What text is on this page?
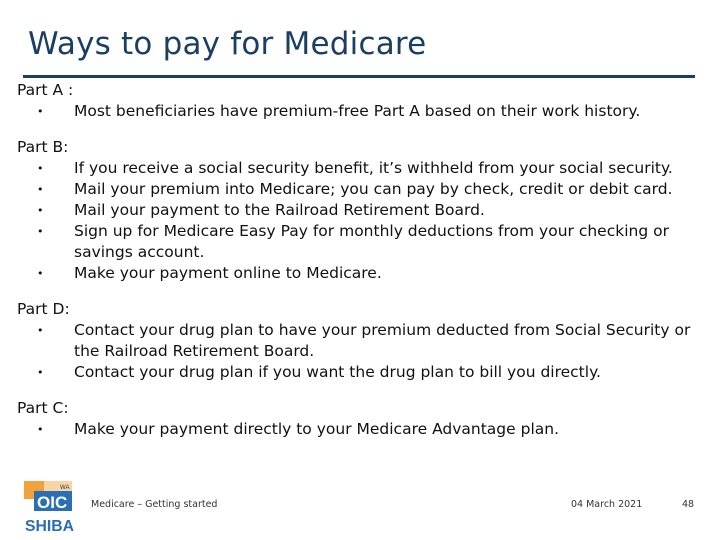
Ways to pay for Medicare
Part A :
• Most beneficiaries have premium-free Part A based on their work history.
Part B:
• If you receive a social security benefit, it’s withheld from your social security.
• Mail your premium into Medicare; you can pay by check, credit or debit card.
• Mail your payment to the Railroad Retirement Board.
• Sign up for Medicare Easy Pay for monthly deductions from your checking or savings account.
• Make your payment online to Medicare.
Part D:
• Contact your drug plan to have your premium deducted from Social Security or the Railroad Retirement Board.
• Contact your drug plan if you want the drug plan to bill you directly.
Part C:
• Make your payment directly to your Medicare Advantage plan.
WA
OIC
SHIBA
Medicare – Getting started	04 March 2021	48
